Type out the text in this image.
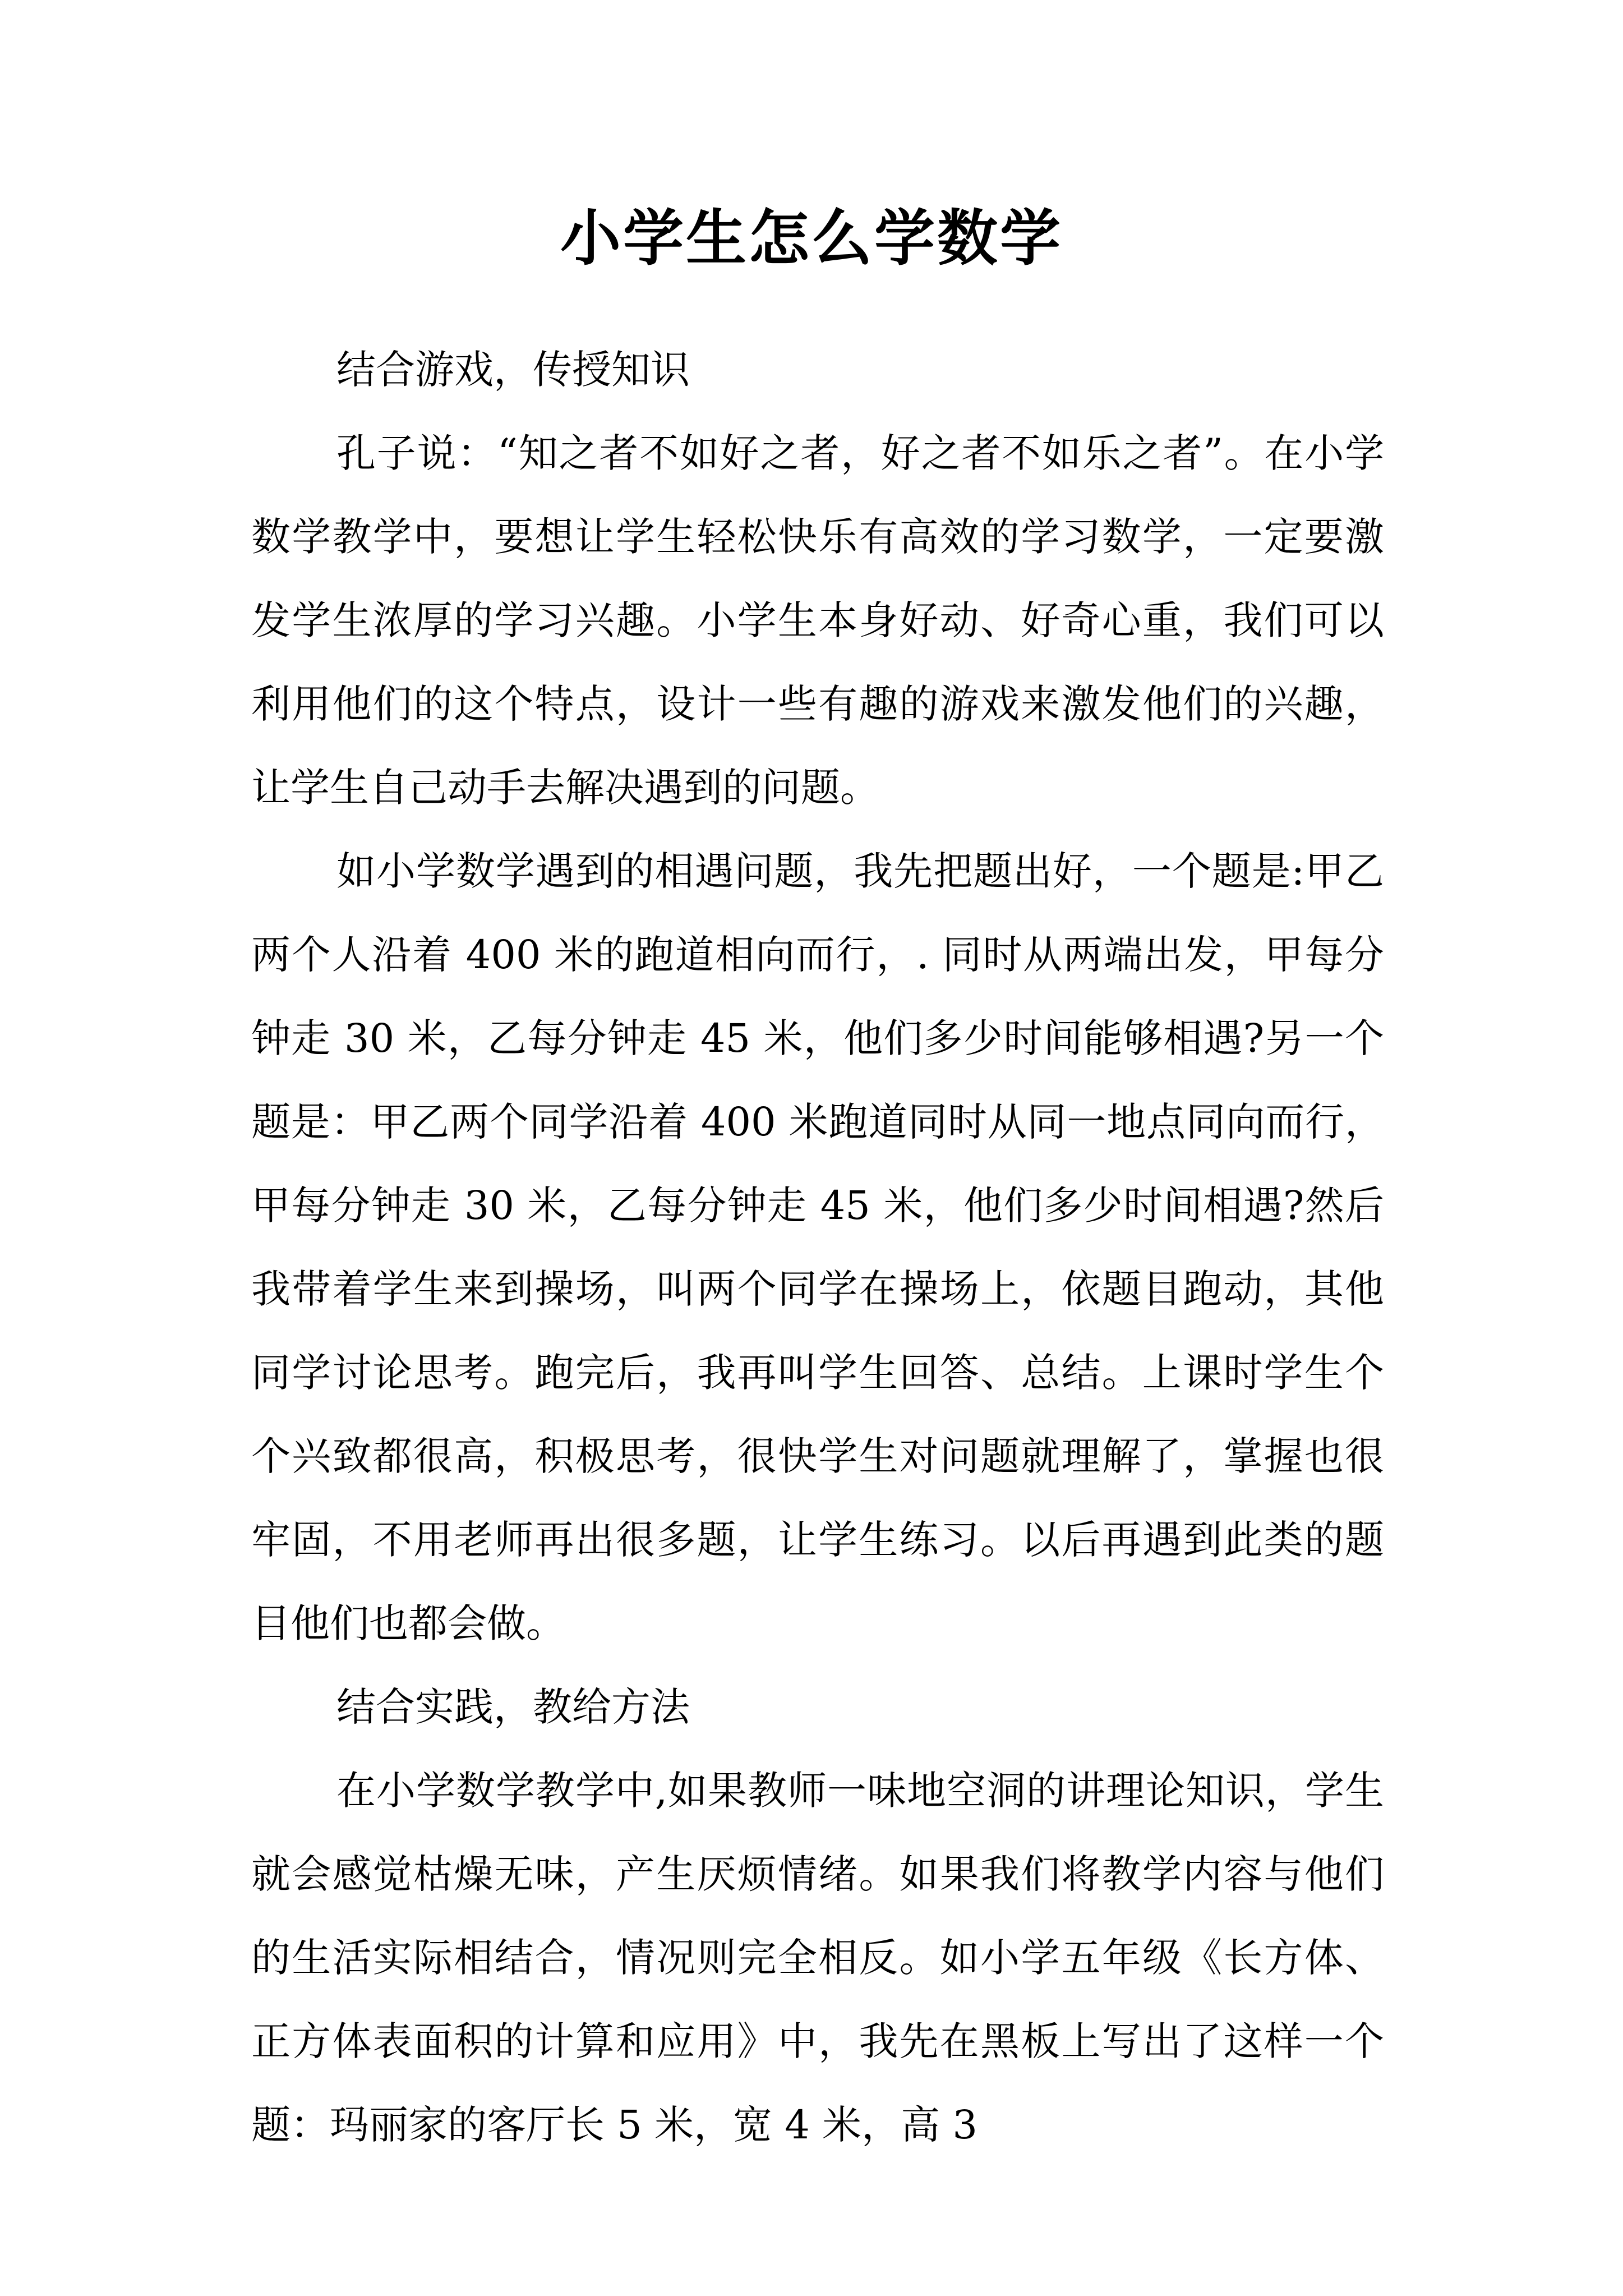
小学生怎么学数学

结合游戏，传授知识

孔子说：“知之者不如好之者，好之者不如乐之者”。在小学数学教学中，要想让学生轻松快乐有高效的学习数学，一定要激发学生浓厚的学习兴趣。小学生本身好动、好奇心重，我们可以利用他们的这个特点，设计一些有趣的游戏来激发他们的兴趣，让学生自己动手去解决遇到的问题。

如小学数学遇到的相遇问题，我先把题出好，一个题是:甲乙两个人沿着 400 米的跑道相向而行，. 同时从两端出发，甲每分钟走 30 米，乙每分钟走 45 米，他们多少时间能够相遇?另一个题是：甲乙两个同学沿着 400 米跑道同时从同一地点同向而行，甲每分钟走 30 米，乙每分钟走 45 米，他们多少时间相遇?然后我带着学生来到操场，叫两个同学在操场上，依题目跑动，其他同学讨论思考。跑完后，我再叫学生回答、总结。上课时学生个个兴致都很高，积极思考，很快学生对问题就理解了，掌握也很牢固，不用老师再出很多题，让学生练习。以后再遇到此类的题目他们也都会做。

结合实践，教给方法

在小学数学教学中,如果教师一味地空洞的讲理论知识，学生就会感觉枯燥无味，产生厌烦情绪。如果我们将教学内容与他们的生活实际相结合，情况则完全相反。如小学五年级《长方体、正方体表面积的计算和应用》中，我先在黑板上写出了这样一个题：玛丽家的客厅长 5 米，宽 4 米，高 3
